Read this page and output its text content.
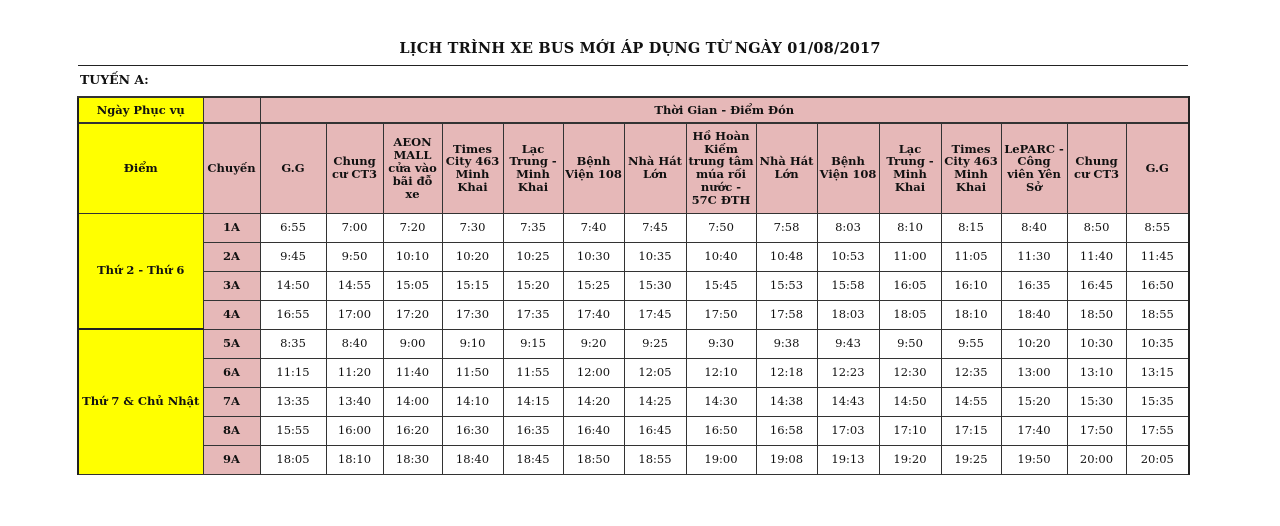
LỊCH TRÌNH XE BUS MỚI ÁP DỤNG TỪ NGÀY 01/08/2017
TUYẾN A:
Ngày Phục vụ		Thời Gian - Điểm Đón														
Điểm	Chuyến	G.G	Chung cư CT3	AEON MALL cửa vào bãi đỗ xe	Times City 463 Minh Khai	Lạc Trung - Minh Khai	Bệnh Viện 108	Nhà Hát Lớn	Hồ Hoàn Kiếm trung tâm múa rối nước - 57C ĐTH	Nhà Hát Lớn	Bệnh Viện 108	Lạc Trung - Minh Khai	Times City 463 Minh Khai	LePARC - Công viên Yên Sở	Chung cư CT3	G.G
Thứ 2 - Thứ 6	1A	6:55	7:00	7:20	7:30	7:35	7:40	7:45	7:50	7:58	8:03	8:10	8:15	8:40	8:50	8:55
	2A	9:45	9:50	10:10	10:20	10:25	10:30	10:35	10:40	10:48	10:53	11:00	11:05	11:30	11:40	11:45
	3A	14:50	14:55	15:05	15:15	15:20	15:25	15:30	15:45	15:53	15:58	16:05	16:10	16:35	16:45	16:50
	4A	16:55	17:00	17:20	17:30	17:35	17:40	17:45	17:50	17:58	18:03	18:05	18:10	18:40	18:50	18:55
Thứ 7 & Chủ Nhật	5A	8:35	8:40	9:00	9:10	9:15	9:20	9:25	9:30	9:38	9:43	9:50	9:55	10:20	10:30	10:35
	6A	11:15	11:20	11:40	11:50	11:55	12:00	12:05	12:10	12:18	12:23	12:30	12:35	13:00	13:10	13:15
	7A	13:35	13:40	14:00	14:10	14:15	14:20	14:25	14:30	14:38	14:43	14:50	14:55	15:20	15:30	15:35
	8A	15:55	16:00	16:20	16:30	16:35	16:40	16:45	16:50	16:58	17:03	17:10	17:15	17:40	17:50	17:55
	9A	18:05	18:10	18:30	18:40	18:45	18:50	18:55	19:00	19:08	19:13	19:20	19:25	19:50	20:00	20:05
